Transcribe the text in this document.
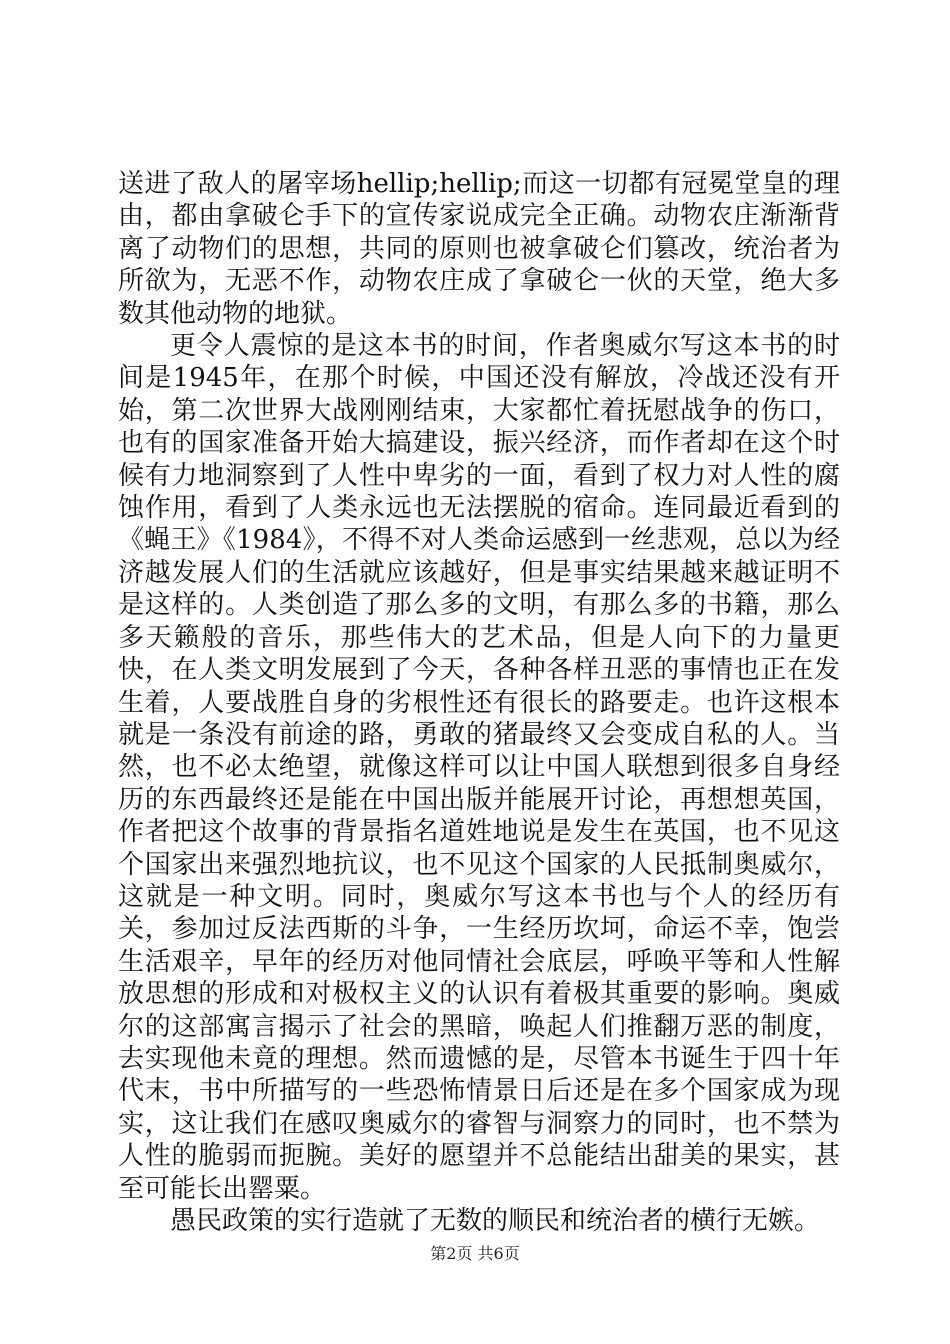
送进了敌人的屠宰场hellip;hellip;而这一切都有冠冕堂皇的理由，都由拿破仑手下的宣传家说成完全正确。动物农庄渐渐背离了动物们的思想，共同的原则也被拿破仑们篡改，统治者为所欲为，无恶不作，动物农庄成了拿破仑一伙的天堂，绝大多数其他动物的地狱。

更令人震惊的是这本书的时间，作者奥威尔写这本书的时间是1945年，在那个时候，中国还没有解放，冷战还没有开始，第二次世界大战刚刚结束，大家都忙着抚慰战争的伤口，也有的国家准备开始大搞建设，振兴经济，而作者却在这个时候有力地洞察到了人性中卑劣的一面，看到了权力对人性的腐蚀作用，看到了人类永远也无法摆脱的宿命。连同最近看到的《蝇王》《1984》，不得不对人类命运感到一丝悲观，总以为经济越发展人们的生活就应该越好，但是事实结果越来越证明不是这样的。人类创造了那么多的文明，有那么多的书籍，那么多天籁般的音乐，那些伟大的艺术品，但是人向下的力量更快，在人类文明发展到了今天，各种各样丑恶的事情也正在发生着，人要战胜自身的劣根性还有很长的路要走。也许这根本就是一条没有前途的路，勇敢的猪最终又会变成自私的人。当然，也不必太绝望，就像这样可以让中国人联想到很多自身经历的东西最终还是能在中国出版并能展开讨论，再想想英国，作者把这个故事的背景指名道姓地说是发生在英国，也不见这个国家出来强烈地抗议，也不见这个国家的人民抵制奥威尔，这就是一种文明。同时，奥威尔写这本书也与个人的经历有关，参加过反法西斯的斗争，一生经历坎坷，命运不幸，饱尝生活艰辛，早年的经历对他同情社会底层，呼唤平等和人性解放思想的形成和对极权主义的认识有着极其重要的影响。奥威尔的这部寓言揭示了社会的黑暗，唤起人们推翻万恶的制度，去实现他未竟的理想。然而遗憾的是，尽管本书诞生于四十年代末，书中所描写的一些恐怖情景日后还是在多个国家成为现实，这让我们在感叹奥威尔的睿智与洞察力的同时，也不禁为人性的脆弱而扼腕。美好的愿望并不总能结出甜美的果实，甚至可能长出罂粟。

愚民政策的实行造就了无数的顺民和统治者的横行无嫉。

第2页 共6页
